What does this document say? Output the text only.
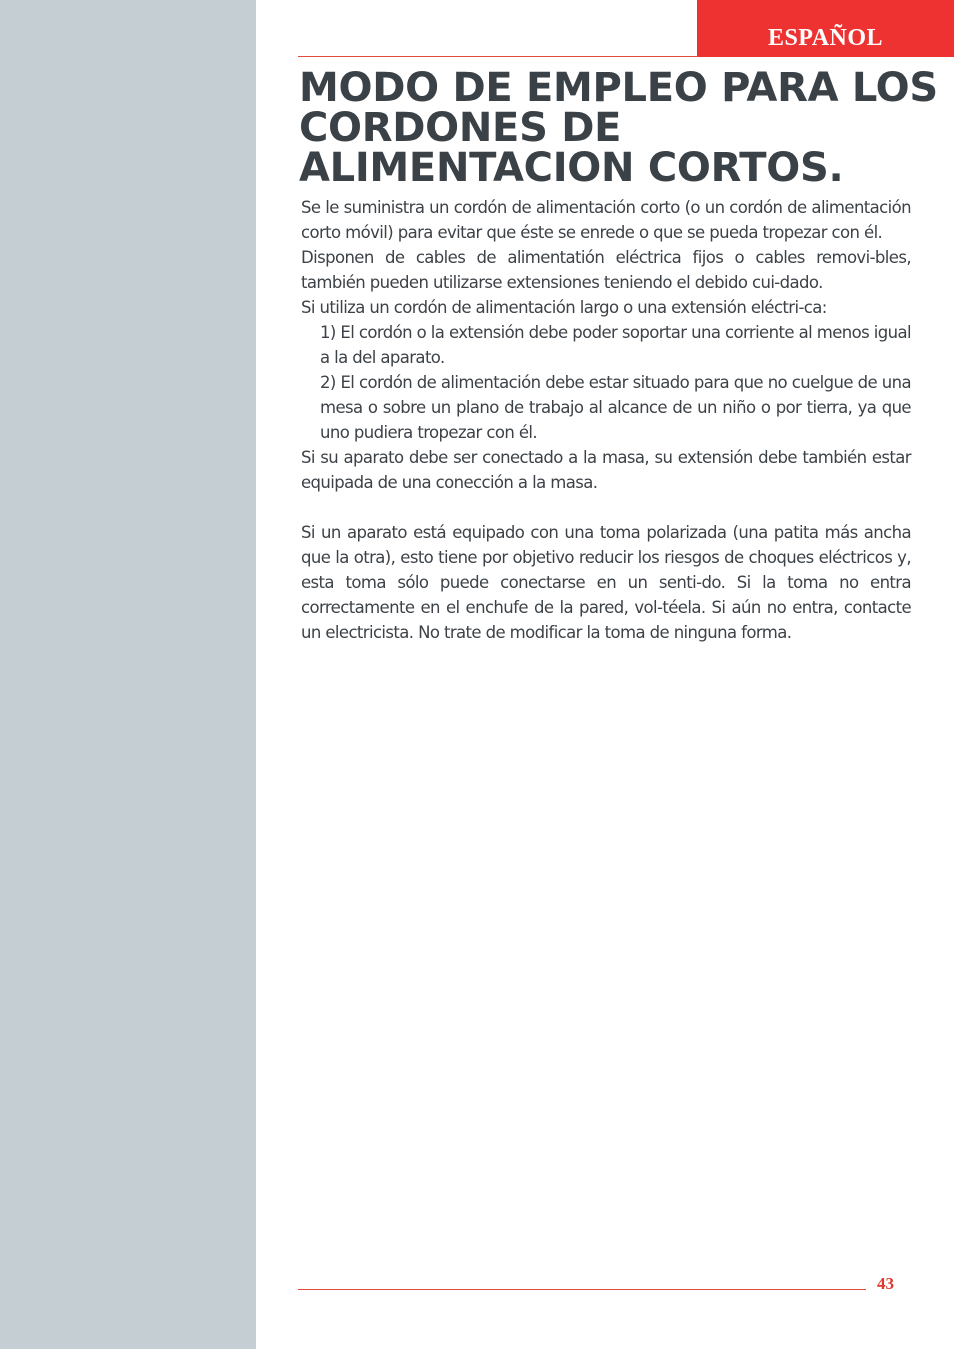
ESPAÑOL
MODO DE EMPLEO PARA LOS CORDONES DE ALIMENTACION CORTOS.

Se le suministra un cordón de alimentación corto (o un cordón de alimentación corto móvil) para evitar que éste se enrede o que se pueda tropezar con él.

Disponen de cables de alimentatión eléctrica fijos o cables removi-bles, también pueden utilizarse extensiones teniendo el debido cui-dado.

Si utiliza un cordón de alimentación largo o una extensión eléctri-ca:

1) El cordón o la extensión debe poder soportar una corriente al menos igual a la del aparato.

2) El cordón de alimentación debe estar situado para que no cuelgue de una mesa o sobre un plano de trabajo al alcance de un niño o por tierra, ya que uno pudiera tropezar con él.

Si su aparato debe ser conectado a la masa, su extensión debe también estar equipada de una conección a la masa.

Si un aparato está equipado con una toma polarizada (una patita más ancha que la otra), esto tiene por objetivo reducir los riesgos de choques eléctricos y, esta toma sólo puede conectarse en un senti-do. Si la toma no entra correctamente en el enchufe de la pared, vol-téela. Si aún no entra, contacte un electricista. No trate de modificar la toma de ninguna forma.

43
